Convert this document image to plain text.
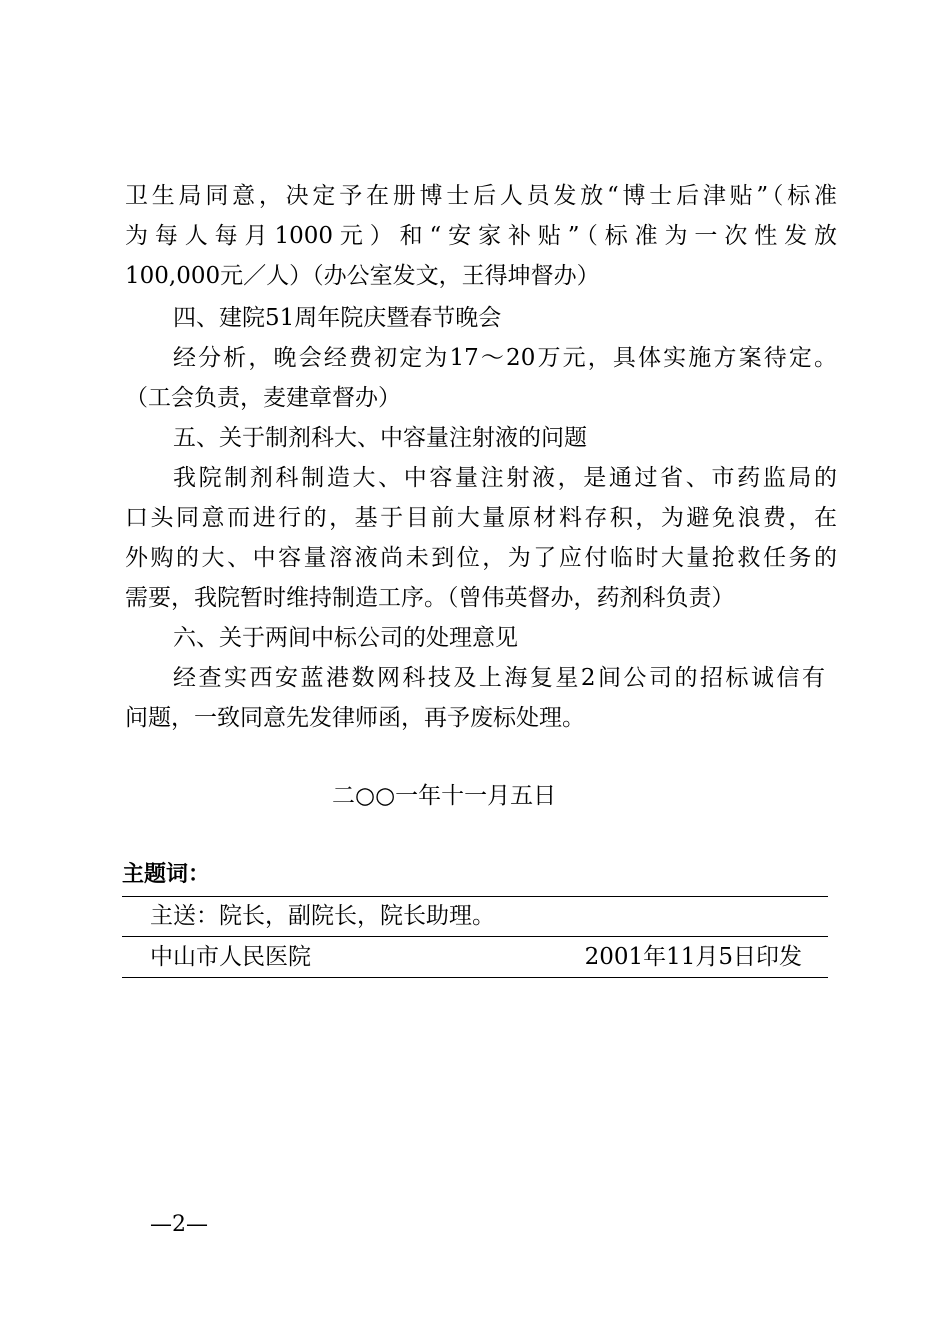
卫生局同意，决定予在册博士后人员发放“博士后津贴”（标准
为每人每月1000元）和“安家补贴”（标准为一次性发放
100,000元／人）（办公室发文，王得坤督办）
四、建院51周年院庆暨春节晚会
经分析，晚会经费初定为17～20万元，具体实施方案待定。
（工会负责，麦建章督办）
五、关于制剂科大、中容量注射液的问题
我院制剂科制造大、中容量注射液，是通过省、市药监局的
口头同意而进行的，基于目前大量原材料存积，为避免浪费，在
外购的大、中容量溶液尚未到位，为了应付临时大量抢救任务的
需要，我院暂时维持制造工序。（曾伟英督办，药剂科负责）
六、关于两间中标公司的处理意见
经查实西安蓝港数网科技及上海复星2间公司的招标诚信有
问题，一致同意先发律师函，再予废标处理。
二○○一年十一月五日
主题词：
主送：院长，副院长，院长助理。
中山市人民医院	2001年11月5日印发
—2—
